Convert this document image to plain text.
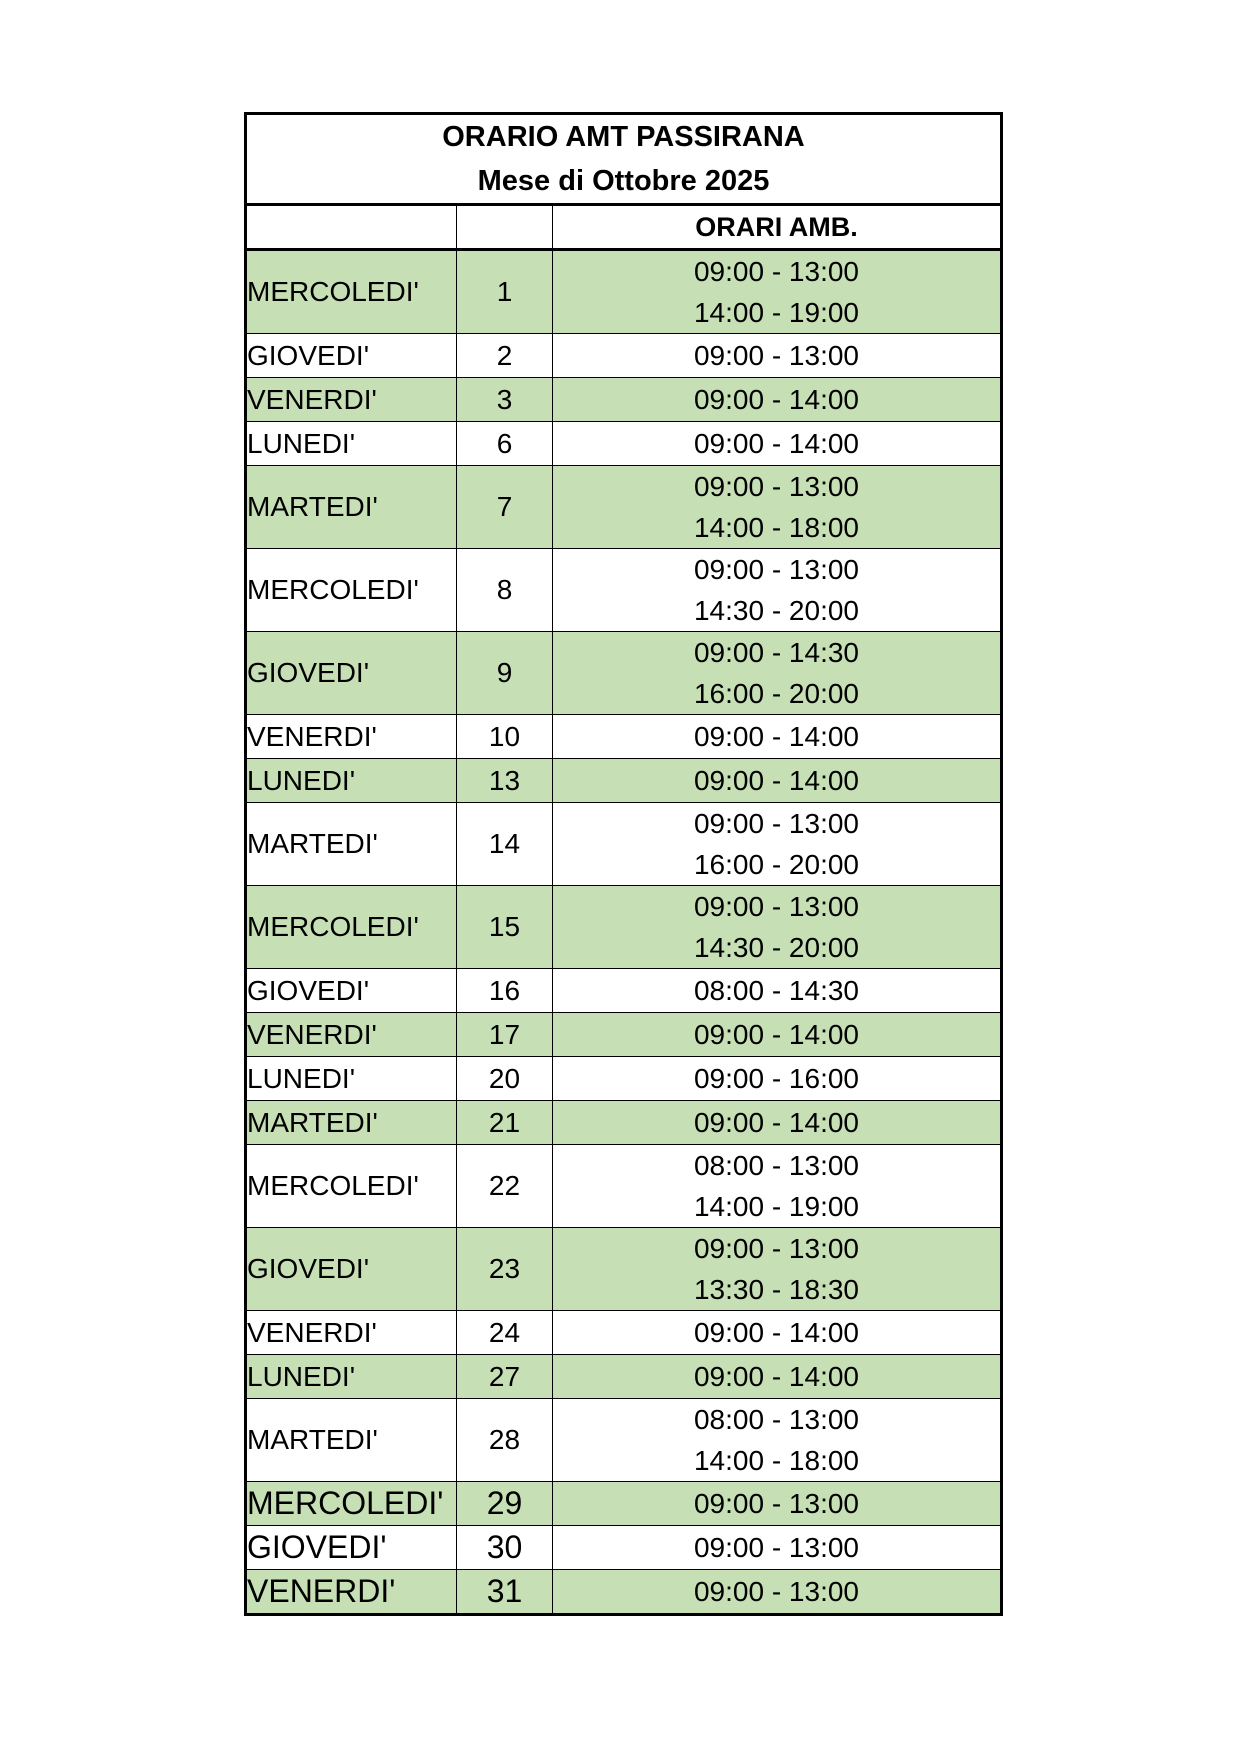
ORARIO AMT PASSIRANA
Mese di Ottobre 2025		

		ORARI AMB.
MERCOLEDI'	1	09:00 - 13:00
14:00 - 19:00

GIOVEDI'	2	09:00 - 13:00

VENERDI'	3	09:00 - 14:00

LUNEDI'	6	09:00 - 14:00

MARTEDI'	7	09:00 - 13:00
14:00 - 18:00

MERCOLEDI'	8	09:00 - 13:00
14:30 - 20:00

GIOVEDI'	9	09:00 - 14:30
16:00 - 20:00

VENERDI'	10	09:00 - 14:00

LUNEDI'	13	09:00 - 14:00

MARTEDI'	14	09:00 - 13:00
16:00 - 20:00

MERCOLEDI'	15	09:00 - 13:00
14:30 - 20:00

GIOVEDI'	16	08:00 - 14:30

VENERDI'	17	09:00 - 14:00

LUNEDI'	20	09:00 - 16:00

MARTEDI'	21	09:00 - 14:00

MERCOLEDI'	22	08:00 - 13:00
14:00 - 19:00

GIOVEDI'	23	09:00 - 13:00
13:30 - 18:30

VENERDI'	24	09:00 - 14:00

LUNEDI'	27	09:00 - 14:00

MARTEDI'	28	08:00 - 13:00
14:00 - 18:00

MERCOLEDI'	29	09:00 - 13:00

GIOVEDI'	30	09:00 - 13:00

VENERDI'	31	09:00 - 13:00
